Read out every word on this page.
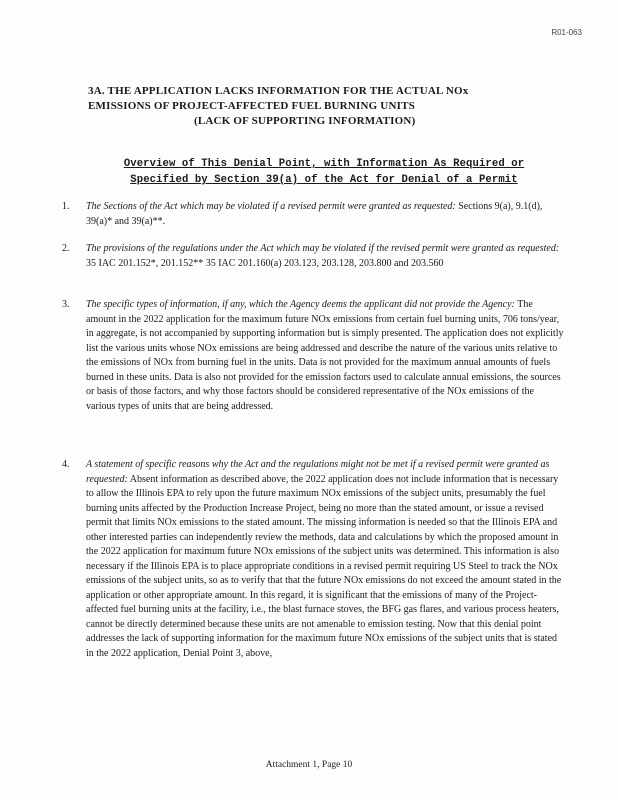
R01-063
3A. THE APPLICATION LACKS INFORMATION FOR THE ACTUAL NOx
EMISSIONS OF PROJECT-AFFECTED FUEL BURNING UNITS

(LACK OF SUPPORTING INFORMATION)
Overview of This Denial Point, with Information As Required or
Specified by Section 39(a) of the Act for Denial of a Permit
1.	The Sections of the Act which may be violated if a revised permit were granted as requested: Sections 9(a), 9.1(d), 39(a)* and 39(a)**.
2.	The provisions of the regulations under the Act which may be violated if the revised permit were granted as requested: 35 IAC 201.152*, 201.152** 35 IAC 201.160(a) 203.123, 203.128, 203.800 and 203.560
3.	The specific types of information, if any, which the Agency deems the applicant did not provide the Agency: The amount in the 2022 application for the maximum future NOx emissions from certain fuel burning units, 706 tons/year, in aggregate, is not accompanied by supporting information but is simply presented. The application does not explicitly list the various units whose NOx emissions are being addressed and describe the nature of the various units relative to the emissions of NOx from burning fuel in the units. Data is not provided for the maximum annual amounts of fuels burned in these units. Data is also not provided for the emission factors used to calculate annual emissions, the sources or basis of those factors, and why those factors should be considered representative of the NOx emissions of the various types of units that are being addressed.
4.	A statement of specific reasons why the Act and the regulations might not be met if a revised permit were granted as requested: Absent information as described above, the 2022 application does not include information that is necessary to allow the Illinois EPA to rely upon the future maximum NOx emissions of the subject units, presumably the fuel burning units affected by the Production Increase Project, being no more than the stated amount, or issue a revised permit that limits NOx emissions to the stated amount. The missing information is needed so that the Illinois EPA and other interested parties can independently review the methods, data and calculations by which the proposed amount in the 2022 application for maximum future NOx emissions of the subject units was determined. This information is also necessary if the Illinois EPA is to place appropriate conditions in a revised permit requiring US Steel to track the NOx emissions of the subject units, so as to verify that that the future NOx emissions do not exceed the amount stated in the application or other appropriate amount. In this regard, it is significant that the emissions of many of the Project-affected fuel burning units at the facility, i.e., the blast furnace stoves, the BFG gas flares, and various process heaters, cannot be directly determined because these units are not amenable to emission testing. Now that this denial point addresses the lack of supporting information for the maximum future NOx emissions of the subject units that is stated in the 2022 application, Denial Point 3, above,
Attachment 1, Page 10
